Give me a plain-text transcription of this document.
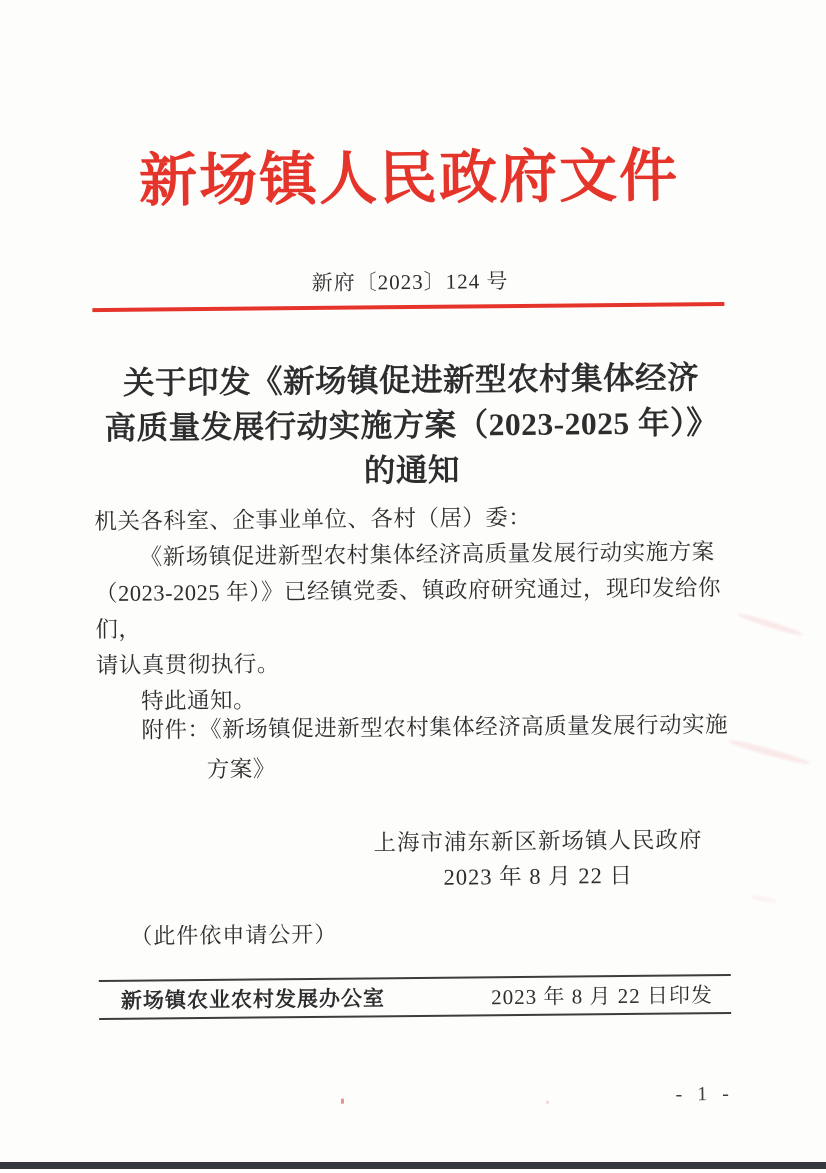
新场镇人民政府文件
新府〔2023〕124 号
关于印发《新场镇促进新型农村集体经济
高质量发展行动实施方案（2023-2025 年）》
的通知
机关各科室、企事业单位、各村（居）委：
《新场镇促进新型农村集体经济高质量发展行动实施方案
（2023-2025 年）》已经镇党委、镇政府研究通过，现印发给你们，
请认真贯彻执行。
特此通知。
附件：《新场镇促进新型农村集体经济高质量发展行动实施
方案》
上海市浦东新区新场镇人民政府
2023 年 8 月 22 日
（此件依申请公开）
新场镇农业农村发展办公室	2023 年 8 月 22 日印发
- 1 -
